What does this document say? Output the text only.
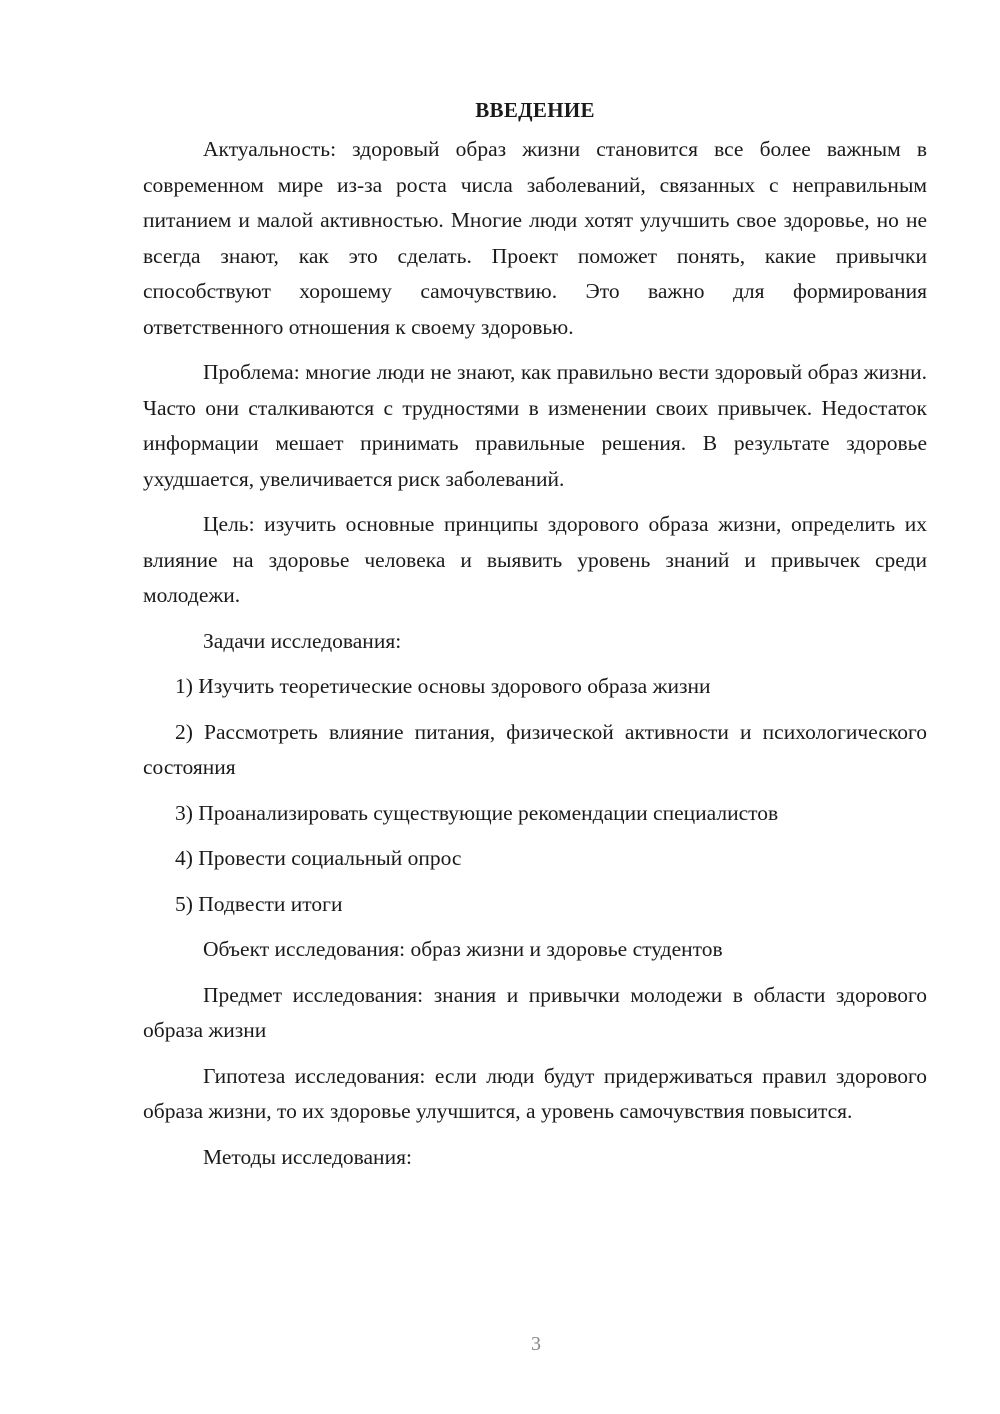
ВВЕДЕНИЕ

Актуальность: здоровый образ жизни становится все более важным в современном мире из-за роста числа заболеваний, связанных с неправильным питанием и малой активностью. Многие люди хотят улучшить свое здоровье, но не всегда знают, как это сделать. Проект поможет понять, какие привычки способствуют хорошему самочувствию. Это важно для формирования ответственного отношения к своему здоровью.

Проблема: многие люди не знают, как правильно вести здоровый образ жизни. Часто они сталкиваются с трудностями в изменении своих привычек. Недостаток информации мешает принимать правильные решения. В результате здоровье ухудшается, увеличивается риск заболеваний.

Цель: изучить основные принципы здорового образа жизни, определить их влияние на здоровье человека и выявить уровень знаний и привычек среди молодежи.

Задачи исследования:

1) Изучить теоретические основы здорового образа жизни

2) Рассмотреть влияние питания, физической активности и психологического состояния

3) Проанализировать существующие рекомендации специалистов

4) Провести социальный опрос

5) Подвести итоги

Объект исследования: образ жизни и здоровье студентов

Предмет исследования: знания и привычки молодежи в области здорового образа жизни

Гипотеза исследования: если люди будут придерживаться правил здорового образа жизни, то их здоровье улучшится, а уровень самочувствия повысится.

Методы исследования:

3
